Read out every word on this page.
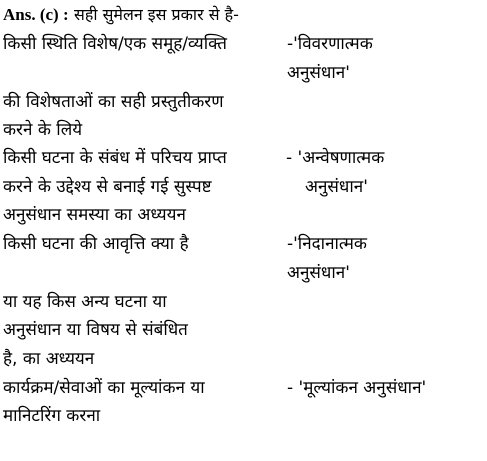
Ans. (c) : सही सुमेलन इस प्रकार से है-
किसी स्थिति विशेष/एक समूह/व्यक्ति	-'विवरणात्मक
अनुसंधान'
की विशेषताओं का सही प्रस्तुतीकरण
करने के लिये
किसी घटना के संबंध में परिचय प्राप्त	- 'अन्वेषणात्मक
करने के उद्देश्य से बनाई गई सुस्पष्ट	अनुसंधान'
अनुसंधान समस्या का अध्ययन
किसी घटना की आवृत्ति क्या है	-'निदानात्मक
अनुसंधान'
या यह किस अन्य घटना या
अनुसंधान या विषय से संबंधित
है, का अध्ययन
कार्यक्रम/सेवाओं का मूल्यांकन या	- 'मूल्यांकन अनुसंधान'
मानिटरिंग करना
